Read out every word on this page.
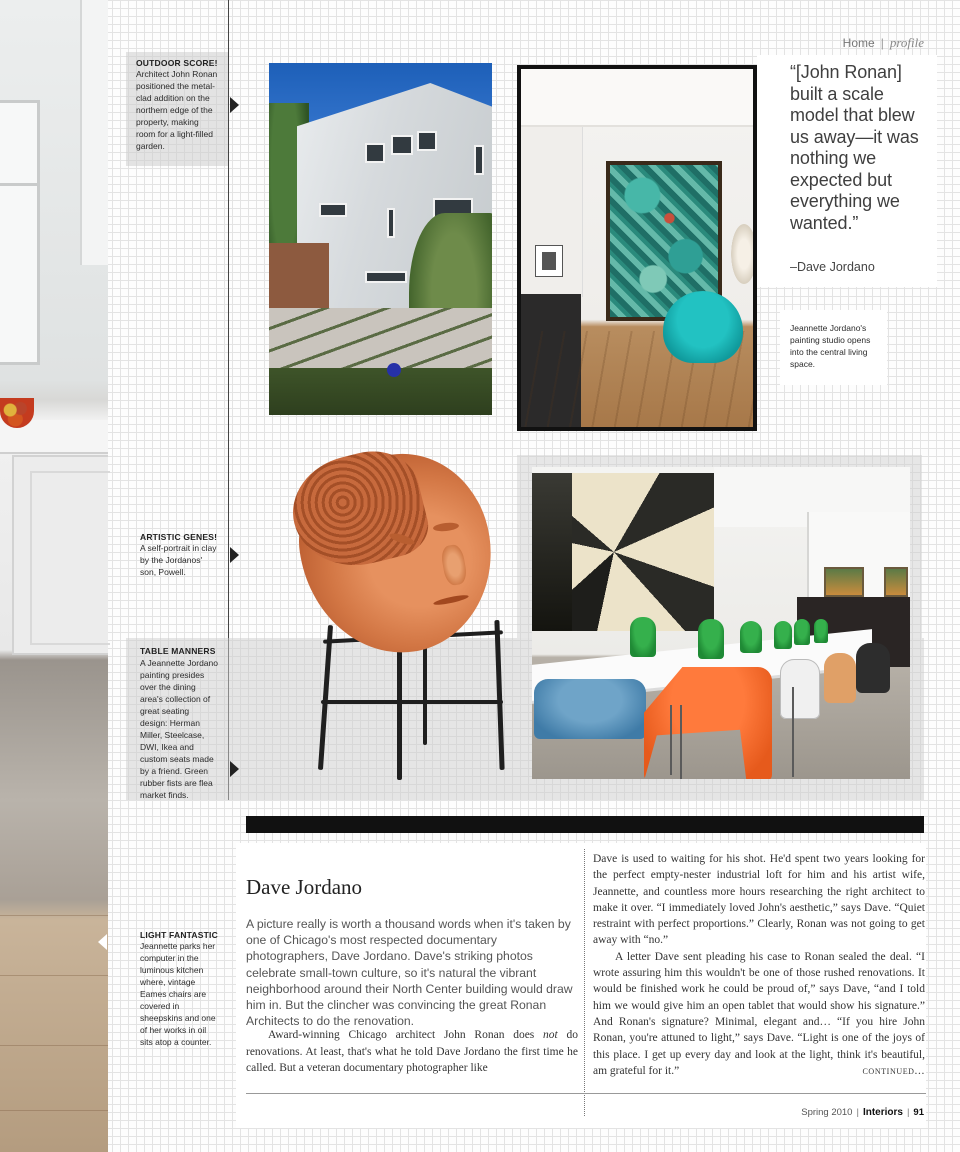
Home | profile
OUTDOOR SCORE!
Architect John Ronan positioned the metal-clad addition on the northern edge of the property, making room for a light-filled garden.
“[John Ronan] built a scale model that blew us away—it was nothing we expected but everything we wanted.”
–Dave Jordano
Jeannette Jordano's painting studio opens into the central living space.
ARTISTIC GENES!
A self-portrait in clay by the Jordanos' son, Powell.
TABLE MANNERS A Jeannette Jordano painting presides over the dining area's collection of great seating design: Herman Miller, Steelcase, DWI, Ikea and custom seats made by a friend. Green rubber fists are flea market finds.
LIGHT FANTASTIC
Jeannette parks her computer in the luminous kitchen where, vintage Eames chairs are covered in sheepskins and one of her works in oil sits atop a counter.
Dave Jordano
A picture really is worth a thousand words when it's taken by one of Chicago's most respected documentary photographers, Dave Jordano. Dave's striking photos celebrate small-town culture, so it's natural the vibrant neighborhood around their North Center building would draw him in. But the clincher was convincing the great Ronan Architects to do the renovation.

Award-winning Chicago architect John Ronan does not do renovations. At least, that's what he told Dave Jordano the first time he called. But a veteran documentary photographer like

Dave is used to waiting for his shot. He'd spent two years looking for the perfect empty-nester industrial loft for him and his artist wife, Jeannette, and countless more hours researching the right architect to make it over. “I immediately loved John's aesthetic,” says Dave. “Quiet restraint with perfect proportions.” Clearly, Ronan was not going to get away with “no.”

A letter Dave sent pleading his case to Ronan sealed the deal. “I wrote assuring him this wouldn't be one of those rushed renovations. It would be finished work he could be proud of,” says Dave, “and I told him we would give him an open tablet that would show his signature.” And Ronan's signature? Minimal, elegant and… “If you hire John Ronan, you're attuned to light,” says Dave. “Light is one of the joys of this place. I get up every day and look at the light, think it's beautiful, am grateful for it.”	continued...

Spring 2010 | Interiors | 91
